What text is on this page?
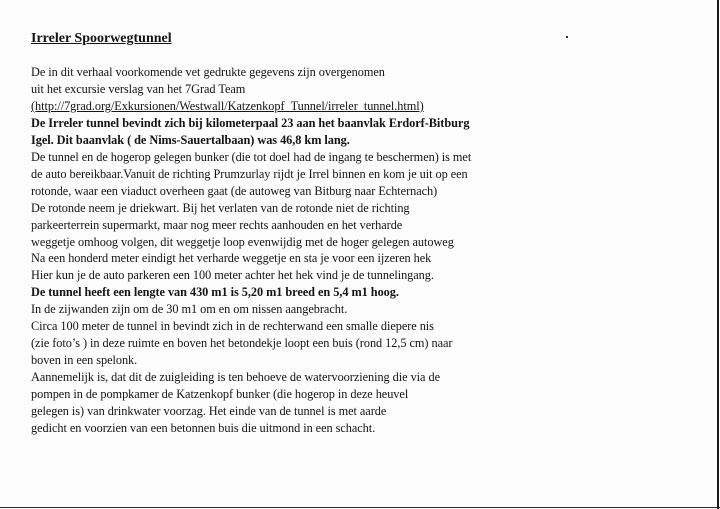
Irreler Spoorwegtunnel
De in dit verhaal voorkomende vet gedrukte gegevens zijn overgenomen
uit het excursie verslag van het 7Grad Team
(http://7grad.org/Exkursionen/Westwall/Katzenkopf_Tunnel/irreler_tunnel.html)
De Irreler tunnel bevindt zich bij kilometerpaal 23 aan het baanvlak Erdorf-Bitburg
Igel. Dit baanvlak ( de Nims-Sauertalbaan) was 46,8 km lang.
De tunnel en de hogerop gelegen bunker (die tot doel had de ingang te beschermen) is met
de auto bereikbaar.Vanuit de richting Prumzurlay rijdt je Irrel binnen en kom je uit op een
rotonde, waar een viaduct overheen gaat (de autoweg van Bitburg naar Echternach)
De rotonde neem je driekwart. Bij het verlaten van de rotonde niet de richting
parkeerterrein supermarkt, maar nog meer rechts aanhouden en het verharde
weggetje omhoog volgen, dit weggetje loop evenwijdig met de hoger gelegen autoweg
Na een honderd meter eindigt het verharde weggetje en sta je voor een ijzeren hek
Hier kun je de auto parkeren een 100 meter achter het hek vind je de tunnelingang.
De tunnel heeft een lengte van 430 m1 is 5,20 m1 breed en 5,4 m1 hoog.
In de zijwanden zijn om de 30 m1 om en om nissen aangebracht.
Circa 100 meter de tunnel in bevindt zich in de rechterwand een smalle diepere nis
(zie foto’s ) in deze ruimte en boven het betondekje loopt een buis (rond 12,5 cm) naar
boven in een spelonk.
Aannemelijk is, dat dit de zuigleiding is ten behoeve de watervoorziening die via de
pompen in de pompkamer de Katzenkopf bunker (die hogerop in deze heuvel
gelegen is) van drinkwater voorzag. Het einde van de tunnel is met aarde
gedicht en voorzien van een betonnen buis die uitmond in een schacht.
